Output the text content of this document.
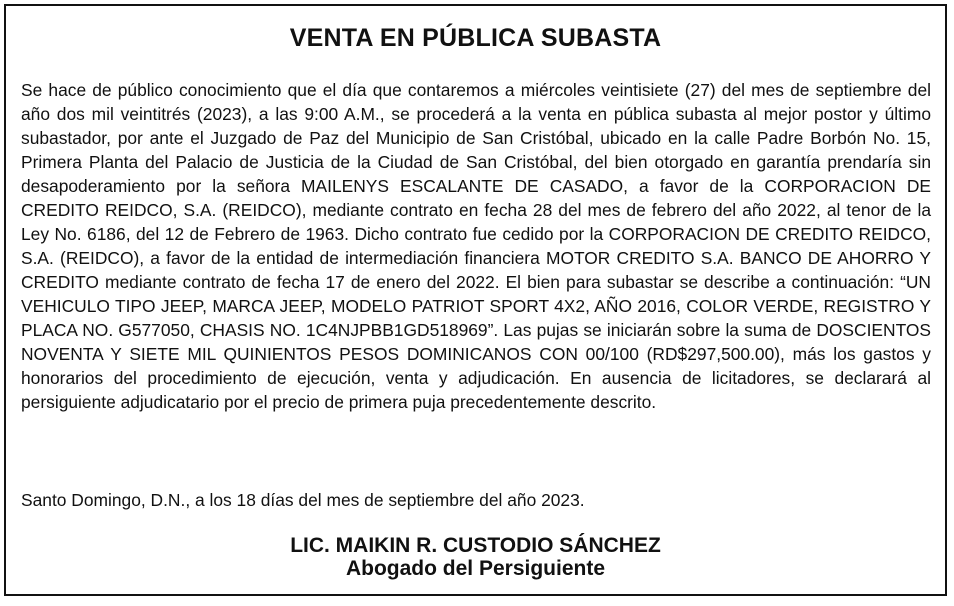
VENTA EN PÚBLICA SUBASTA

Se hace de público conocimiento que el día que contaremos a miércoles veintisiete (27) del mes de septiembre del año dos mil veintitrés (2023), a las 9:00 A.M., se procederá a la venta en pública subasta al mejor postor y último subastador, por ante el Juzgado de Paz del Municipio de San Cristóbal, ubicado en la calle Padre Borbón No. 15, Primera Planta del Palacio de Justicia de la Ciudad de San Cristóbal, del bien otorgado en garantía prendaría sin desapoderamiento por la señora MAILENYS ESCALANTE DE CASADO, a favor de la CORPORACION DE CREDITO REIDCO, S.A. (REIDCO), mediante contrato en fecha 28 del mes de febrero del año 2022, al tenor de la Ley No. 6186, del 12 de Febrero de 1963. Dicho contrato fue cedido por la CORPORACION DE CREDITO REIDCO, S.A. (REIDCO), a favor de la entidad de intermediación financiera MOTOR CREDITO S.A. BANCO DE AHORRO Y CREDITO mediante contrato de fecha 17 de enero del 2022. El bien para subastar se describe a continuación: “UN VEHICULO TIPO JEEP, MARCA JEEP, MODELO PATRIOT SPORT 4X2, AÑO 2016, COLOR VERDE, REGISTRO Y PLACA NO. G577050, CHASIS NO. 1C4NJPBB1GD518969”. Las pujas se iniciarán sobre la suma de DOSCIENTOS NOVENTA Y SIETE MIL QUINIENTOS PESOS DOMINICANOS CON 00/100 (RD$297,500.00), más los gastos y honorarios del procedimiento de ejecución, venta y adjudicación. En ausencia de licitadores, se declarará al persiguiente adjudicatario por el precio de primera puja precedentemente descrito.

Santo Domingo, D.N., a los 18 días del mes de septiembre del año 2023.

LIC. MAIKIN R. CUSTODIO SÁNCHEZ
Abogado del Persiguiente
